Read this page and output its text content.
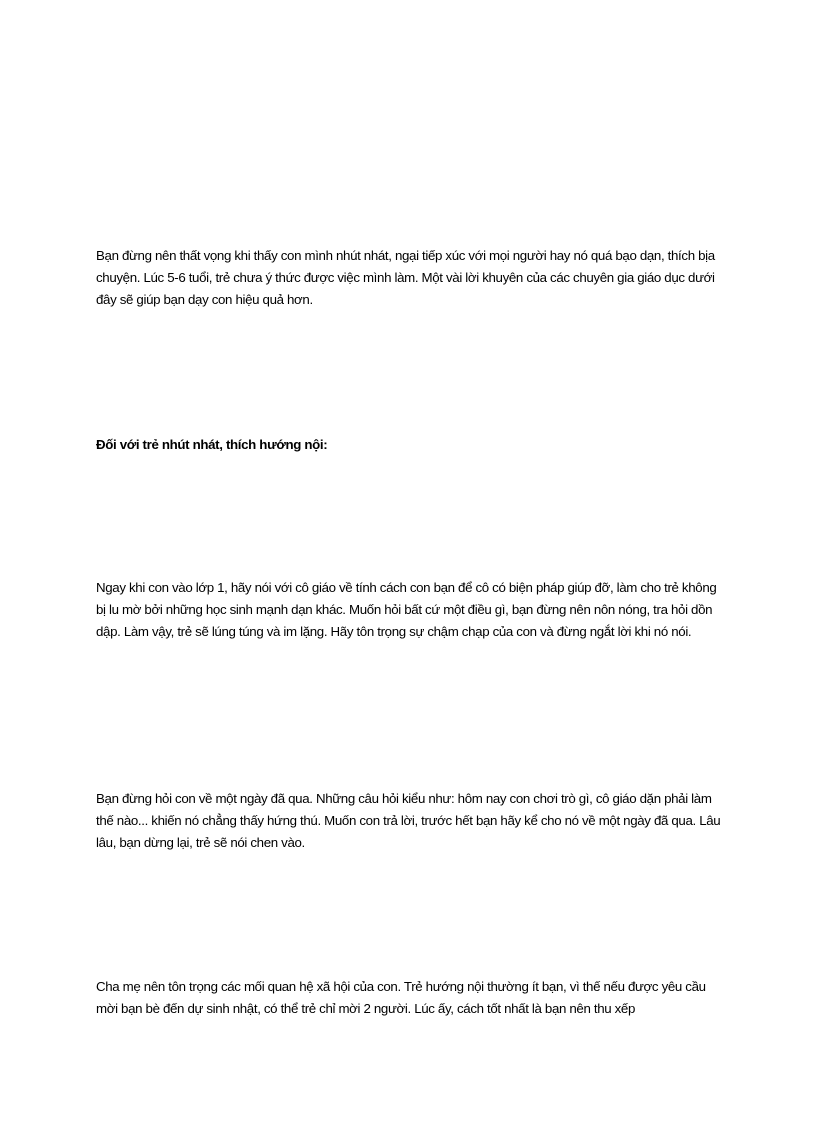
Bạn đừng nên thất vọng khi thấy con mình nhút nhát, ngại tiếp xúc với mọi người hay nó quá bạo dạn, thích bịa chuyện. Lúc 5-6 tuổi, trẻ chưa ý thức được việc mình làm. Một vài lời khuyên của các chuyên gia giáo dục dưới đây sẽ giúp bạn dạy con hiệu quả hơn.

Đối với trẻ nhút nhát, thích hướng nội:

Ngay khi con vào lớp 1, hãy nói với cô giáo về tính cách con bạn để cô có biện pháp giúp đỡ, làm cho trẻ không bị lu mờ bởi những học sinh mạnh dạn khác. Muốn hỏi bất cứ một điều gì, bạn đừng nên nôn nóng, tra hỏi dồn dập. Làm vậy, trẻ sẽ lúng túng và im lặng. Hãy tôn trọng sự chậm chạp của con và đừng ngắt lời khi nó nói.

Bạn đừng hỏi con về một ngày đã qua. Những câu hỏi kiểu như: hôm nay con chơi trò gì, cô giáo dặn phải làm thế nào... khiến nó chẳng thấy hứng thú. Muốn con trả lời, trước hết bạn hãy kể cho nó về một ngày đã qua. Lâu lâu, bạn dừng lại, trẻ sẽ nói chen vào.

Cha mẹ nên tôn trọng các mối quan hệ xã hội của con. Trẻ hướng nội thường ít bạn, vì thế nếu được yêu cầu mời bạn bè đến dự sinh nhật, có thể trẻ chỉ mời 2 người. Lúc ấy, cách tốt nhất là bạn nên thu xếp
